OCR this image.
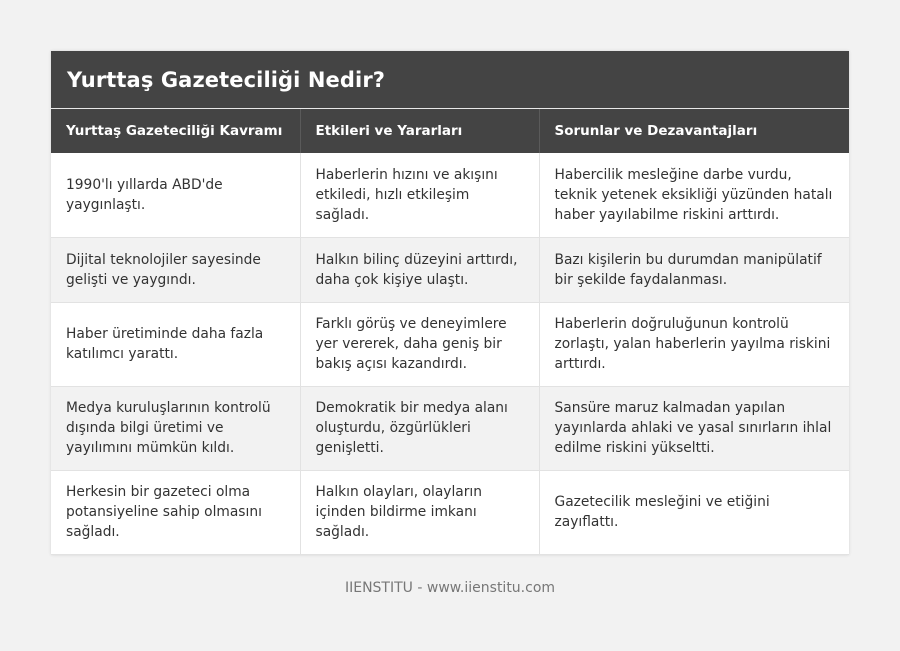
Yurttaş Gazeteciliği Nedir?
Yurttaş Gazeteciliği Kavramı	Etkileri ve Yararları	Sorunlar ve Dezavantajları
1990'lı yıllarda ABD'de yaygınlaştı.	Haberlerin hızını ve akışını etkiledi, hızlı etkileşim sağladı.	Habercilik mesleğine darbe vurdu, teknik yetenek eksikliği yüzünden hatalı haber yayılabilme riskini arttırdı.
Dijital teknolojiler sayesinde gelişti ve yaygındı.	Halkın bilinç düzeyini arttırdı, daha çok kişiye ulaştı.	Bazı kişilerin bu durumdan manipülatif bir şekilde faydalanması.
Haber üretiminde daha fazla katılımcı yarattı.	Farklı görüş ve deneyimlere yer vererek, daha geniş bir bakış açısı kazandırdı.	Haberlerin doğruluğunun kontrolü zorlaştı, yalan haberlerin yayılma riskini arttırdı.
Medya kuruluşlarının kontrolü dışında bilgi üretimi ve yayılımını mümkün kıldı.	Demokratik bir medya alanı oluşturdu, özgürlükleri genişletti.	Sansüre maruz kalmadan yapılan yayınlarda ahlaki ve yasal sınırların ihlal edilme riskini yükseltti.
Herkesin bir gazeteci olma potansiyeline sahip olmasını sağladı.	Halkın olayları, olayların içinden bildirme imkanı sağladı.	Gazetecilik mesleğini ve etiğini zayıflattı.
IIENSTITU - www.iienstitu.com
